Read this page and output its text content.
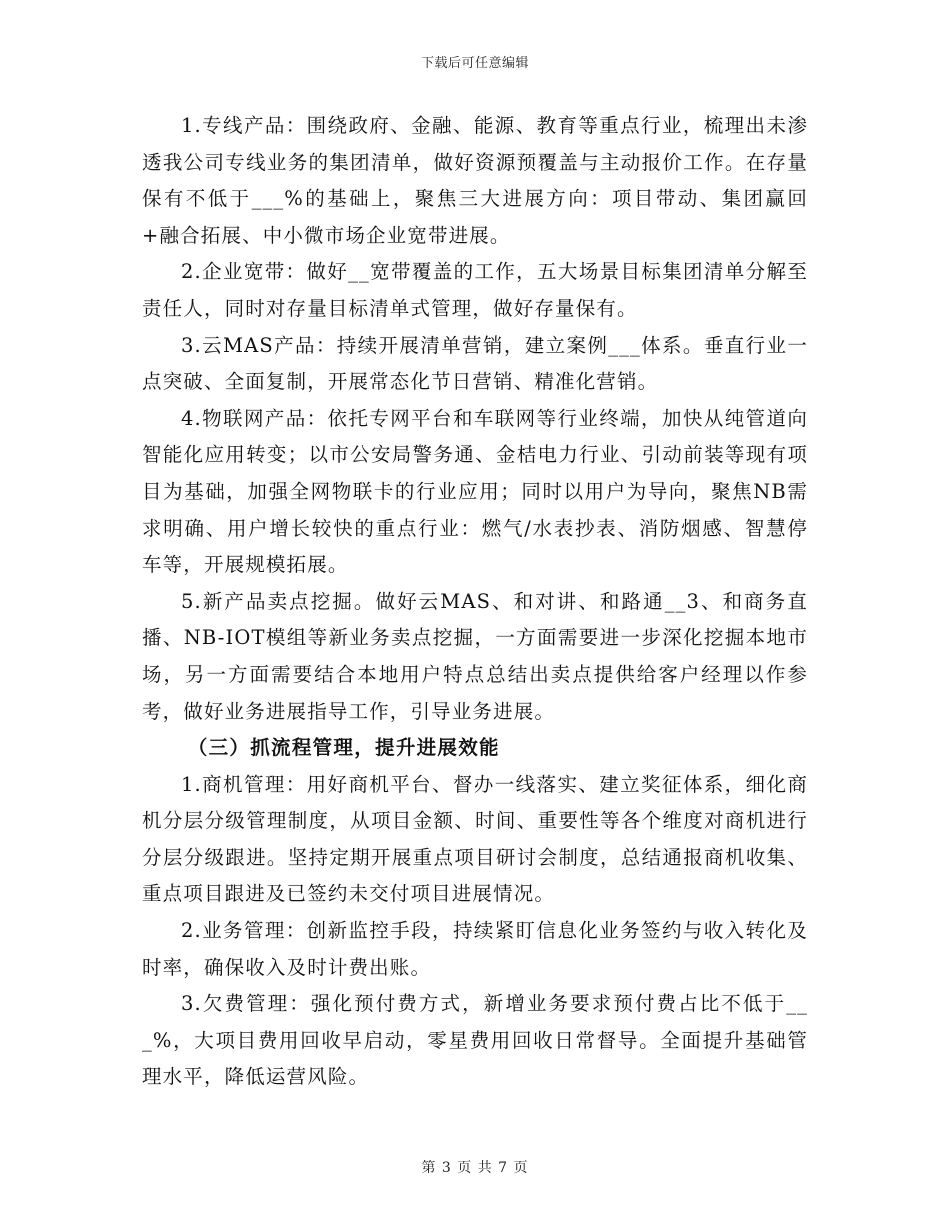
下载后可任意编辑

1.专线产品：围绕政府、金融、能源、教育等重点行业，梳理出未渗透我公司专线业务的集团清单，做好资源预覆盖与主动报价工作。在存量保有不低于___%的基础上，聚焦三大进展方向：项目带动、集团赢回+融合拓展、中小微市场企业宽带进展。

2.企业宽带：做好__宽带覆盖的工作，五大场景目标集团清单分解至责任人，同时对存量目标清单式管理，做好存量保有。

3.云MAS产品：持续开展清单营销，建立案例___体系。垂直行业一点突破、全面复制，开展常态化节日营销、精准化营销。

4.物联网产品：依托专网平台和车联网等行业终端，加快从纯管道向智能化应用转变；以市公安局警务通、金桔电力行业、引动前装等现有项目为基础，加强全网物联卡的行业应用；同时以用户为导向，聚焦NB需求明确、用户增长较快的重点行业：燃气/水表抄表、消防烟感、智慧停车等，开展规模拓展。

5.新产品卖点挖掘。做好云MAS、和对讲、和路通__3、和商务直播、NB-IOT模组等新业务卖点挖掘，一方面需要进一步深化挖掘本地市场，另一方面需要结合本地用户特点总结出卖点提供给客户经理以作参考，做好业务进展指导工作，引导业务进展。

（三）抓流程管理，提升进展效能

1.商机管理：用好商机平台、督办一线落实、建立奖征体系，细化商机分层分级管理制度，从项目金额、时间、重要性等各个维度对商机进行分层分级跟进。坚持定期开展重点项目研讨会制度，总结通报商机收集、重点项目跟进及已签约未交付项目进展情况。

2.业务管理：创新监控手段，持续紧盯信息化业务签约与收入转化及时率，确保收入及时计费出账。

3.欠费管理：强化预付费方式，新增业务要求预付费占比不低于___%，大项目费用回收早启动，零星费用回收日常督导。全面提升基础管理水平，降低运营风险。

第 3 页 共 7 页
